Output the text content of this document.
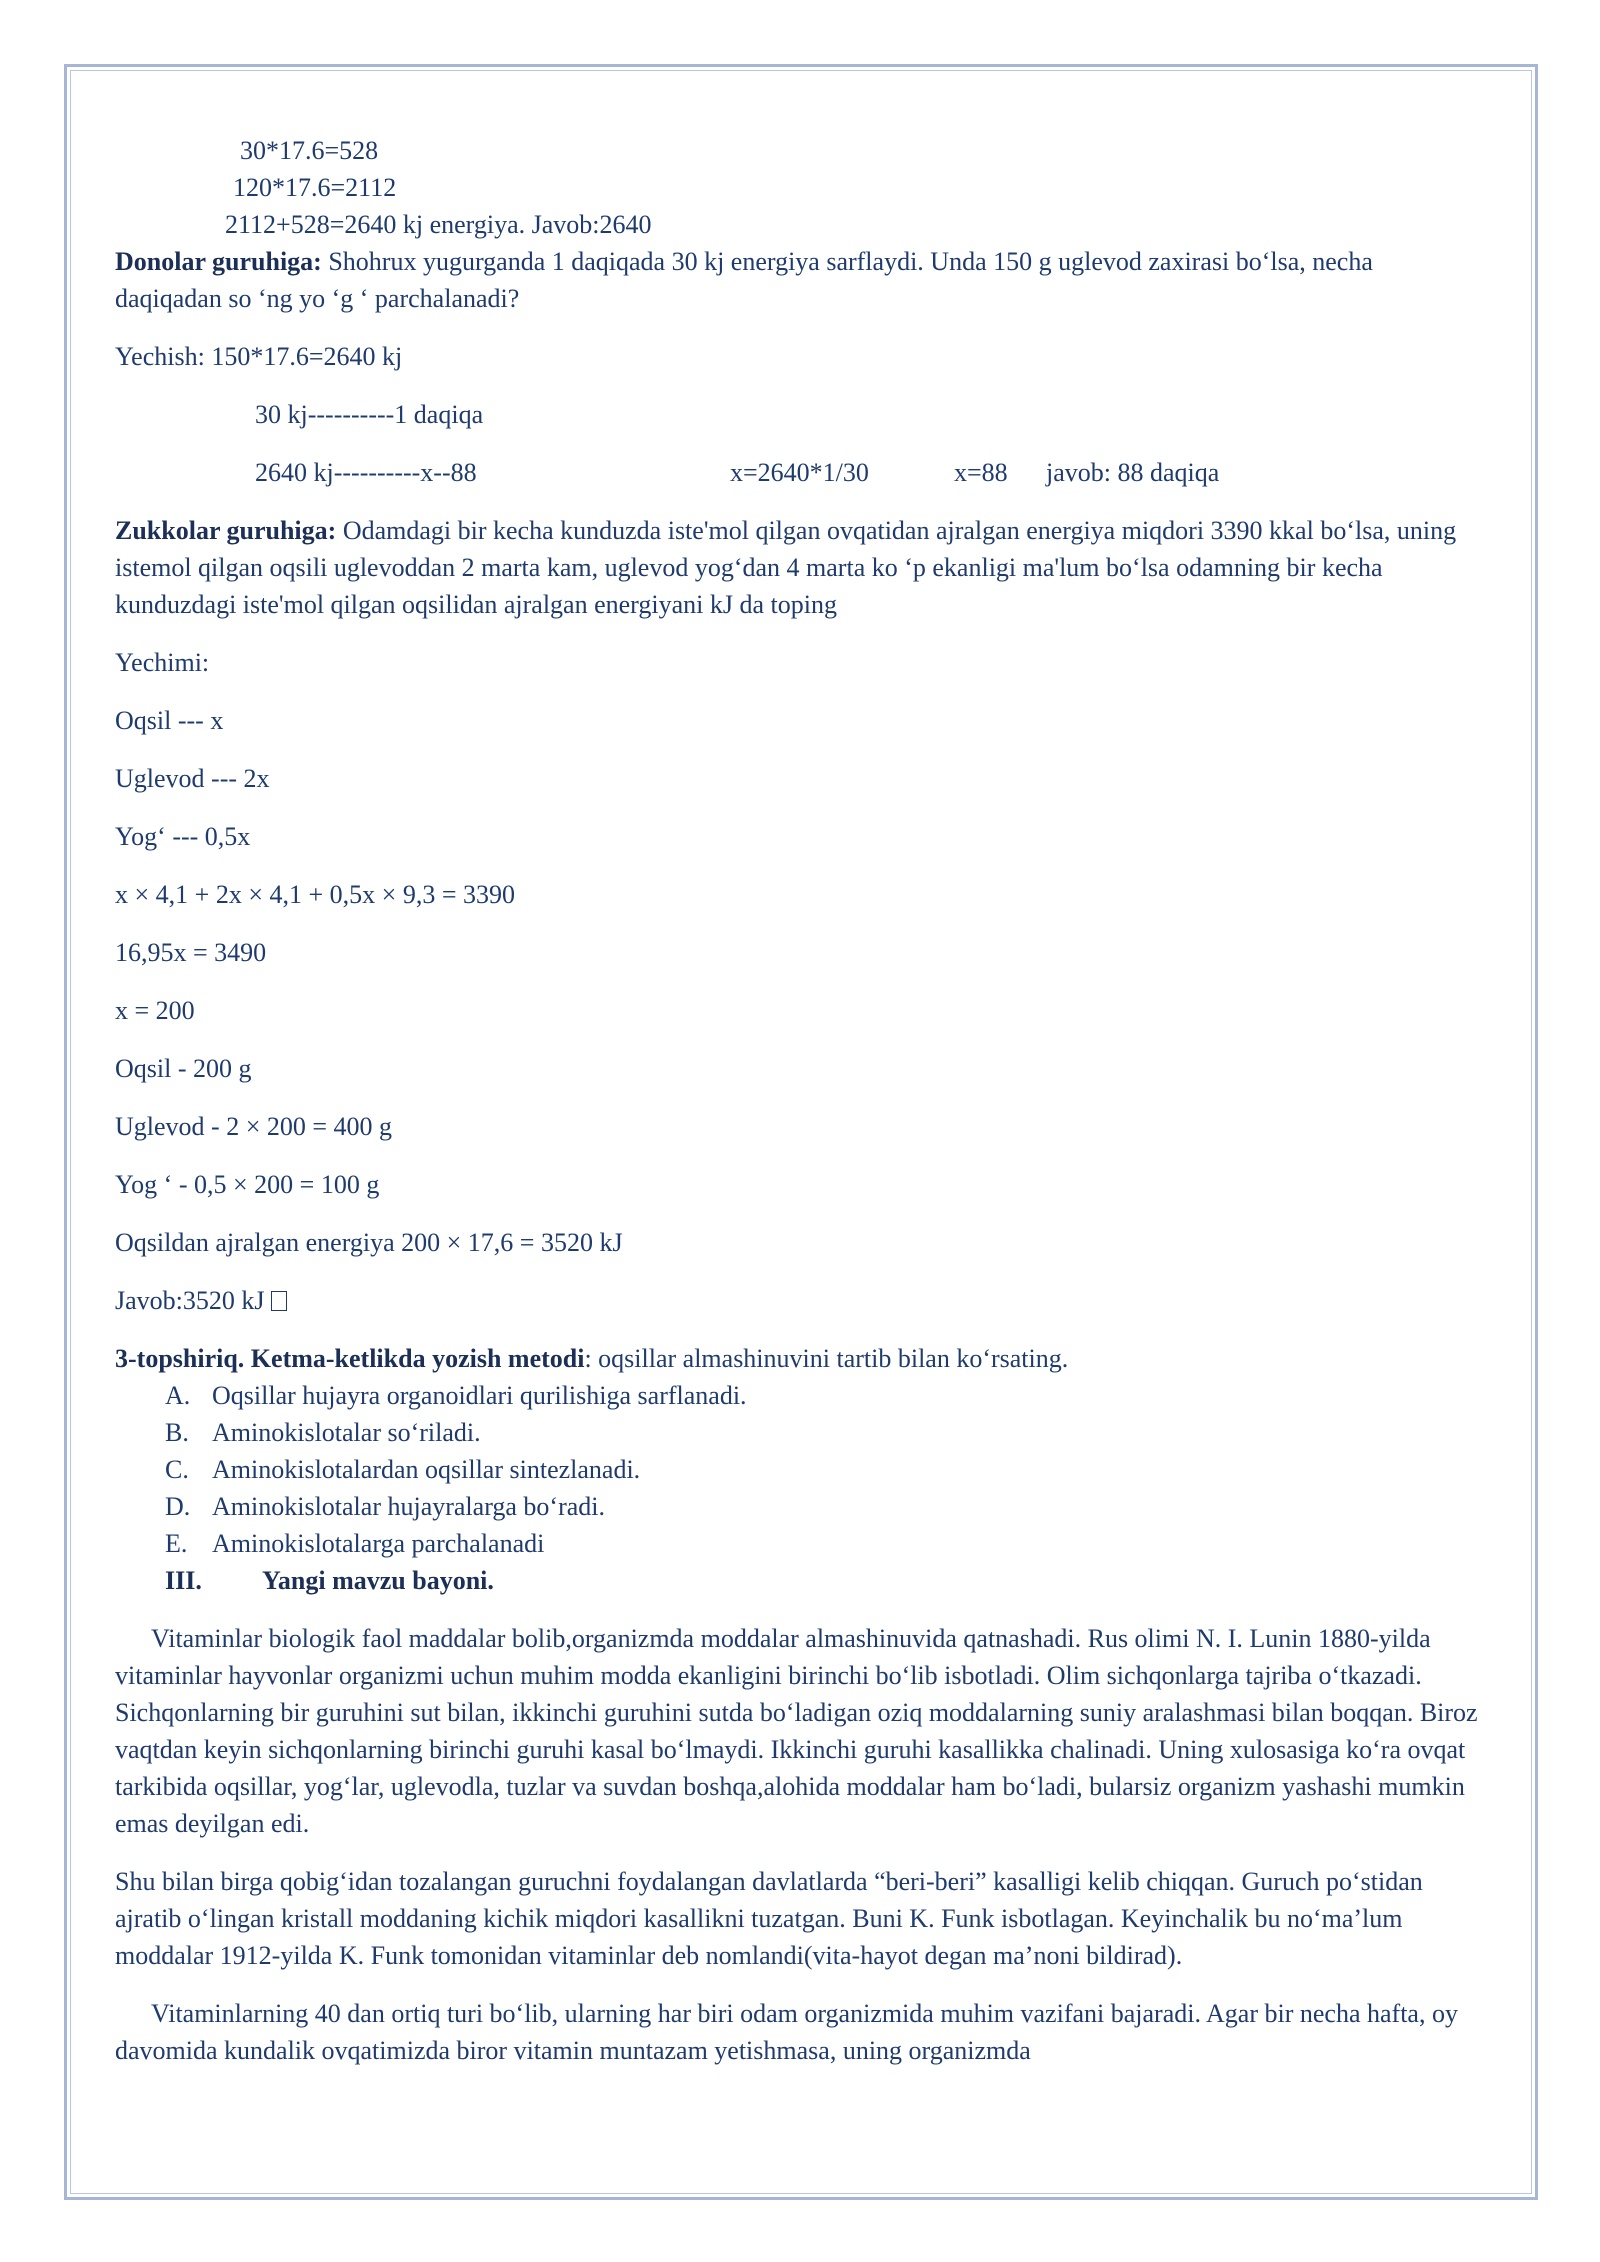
30*17.6=528

120*17.6=2112

2112+528=2640 kj energiya. Javob:2640

Donolar guruhiga: Shohrux yugurganda 1 daqiqada 30 kj energiya sarflaydi. Unda 150 g uglevod zaxirasi bo‘lsa, necha daqiqadan so ‘ng yo ‘g ‘ parchalanadi?

Yechish: 150*17.6=2640 kj

30 kj----------1 daqiqa

2640 kj----------x--88	x=2640*1/30	x=88 javob: 88 daqiqa

Zukkolar guruhiga: Odamdagi bir kecha kunduzda iste'mol qilgan ovqatidan ajralgan energiya miqdori 3390 kkal bo‘lsa, uning istemol qilgan oqsili uglevoddan 2 marta kam, uglevod yog‘dan 4 marta ko ‘p ekanligi ma'lum bo‘lsa odamning bir kecha kunduzdagi iste'mol qilgan oqsilidan ajralgan energiyani kJ da toping

Yechimi:

Oqsil --- x

Uglevod --- 2x

Yog‘ --- 0,5x

x × 4,1 + 2x × 4,1 + 0,5x × 9,3 = 3390

16,95x = 3490

x = 200

Oqsil - 200 g

Uglevod - 2 × 200 = 400 g

Yog ‘ - 0,5 × 200 = 100 g

Oqsildan ajralgan energiya 200 × 17,6 = 3520 kJ

Javob:3520 kJ

3-topshiriq. Ketma-ketlikda yozish metodi: oqsillar almashinuvini tartib bilan ko‘rsating.

A. Oqsillar hujayra organoidlari qurilishiga sarflanadi.
B. Aminokislotalar so‘riladi.
C. Aminokislotalardan oqsillar sintezlanadi.
D. Aminokislotalar hujayralarga bo‘radi.
E. Aminokislotalarga parchalanadi
III.	Yangi mavzu bayoni.

Vitaminlar biologik faol maddalar bolib,organizmda moddalar almashinuvida qatnashadi. Rus olimi N. I. Lunin 1880-yilda vitaminlar hayvonlar organizmi uchun muhim modda ekanligini birinchi bo‘lib isbotladi. Olim sichqonlarga tajriba o‘tkazadi. Sichqonlarning bir guruhini sut bilan, ikkinchi guruhini sutda bo‘ladigan oziq moddalarning suniy aralashmasi bilan boqqan. Biroz vaqtdan keyin sichqonlarning birinchi guruhi kasal bo‘lmaydi. Ikkinchi guruhi kasallikka chalinadi. Uning xulosasiga ko‘ra ovqat tarkibida oqsillar, yog‘lar, uglevodla, tuzlar va suvdan boshqa,alohida moddalar ham bo‘ladi, bularsiz organizm yashashi mumkin emas deyilgan edi.

Shu bilan birga qobig‘idan tozalangan guruchni foydalangan davlatlarda “beri-beri” kasalligi kelib chiqqan. Guruch po‘stidan ajratib o‘lingan kristall moddaning kichik miqdori kasallikni tuzatgan. Buni K. Funk isbotlagan. Keyinchalik bu no‘ma’lum moddalar 1912-yilda K. Funk tomonidan vitaminlar deb nomlandi(vita-hayot degan ma’noni bildirad).

Vitaminlarning 40 dan ortiq turi bo‘lib, ularning har biri odam organizmida muhim vazifani bajaradi. Agar bir necha hafta, oy davomida kundalik ovqatimizda biror vitamin muntazam yetishmasa, uning organizmda
